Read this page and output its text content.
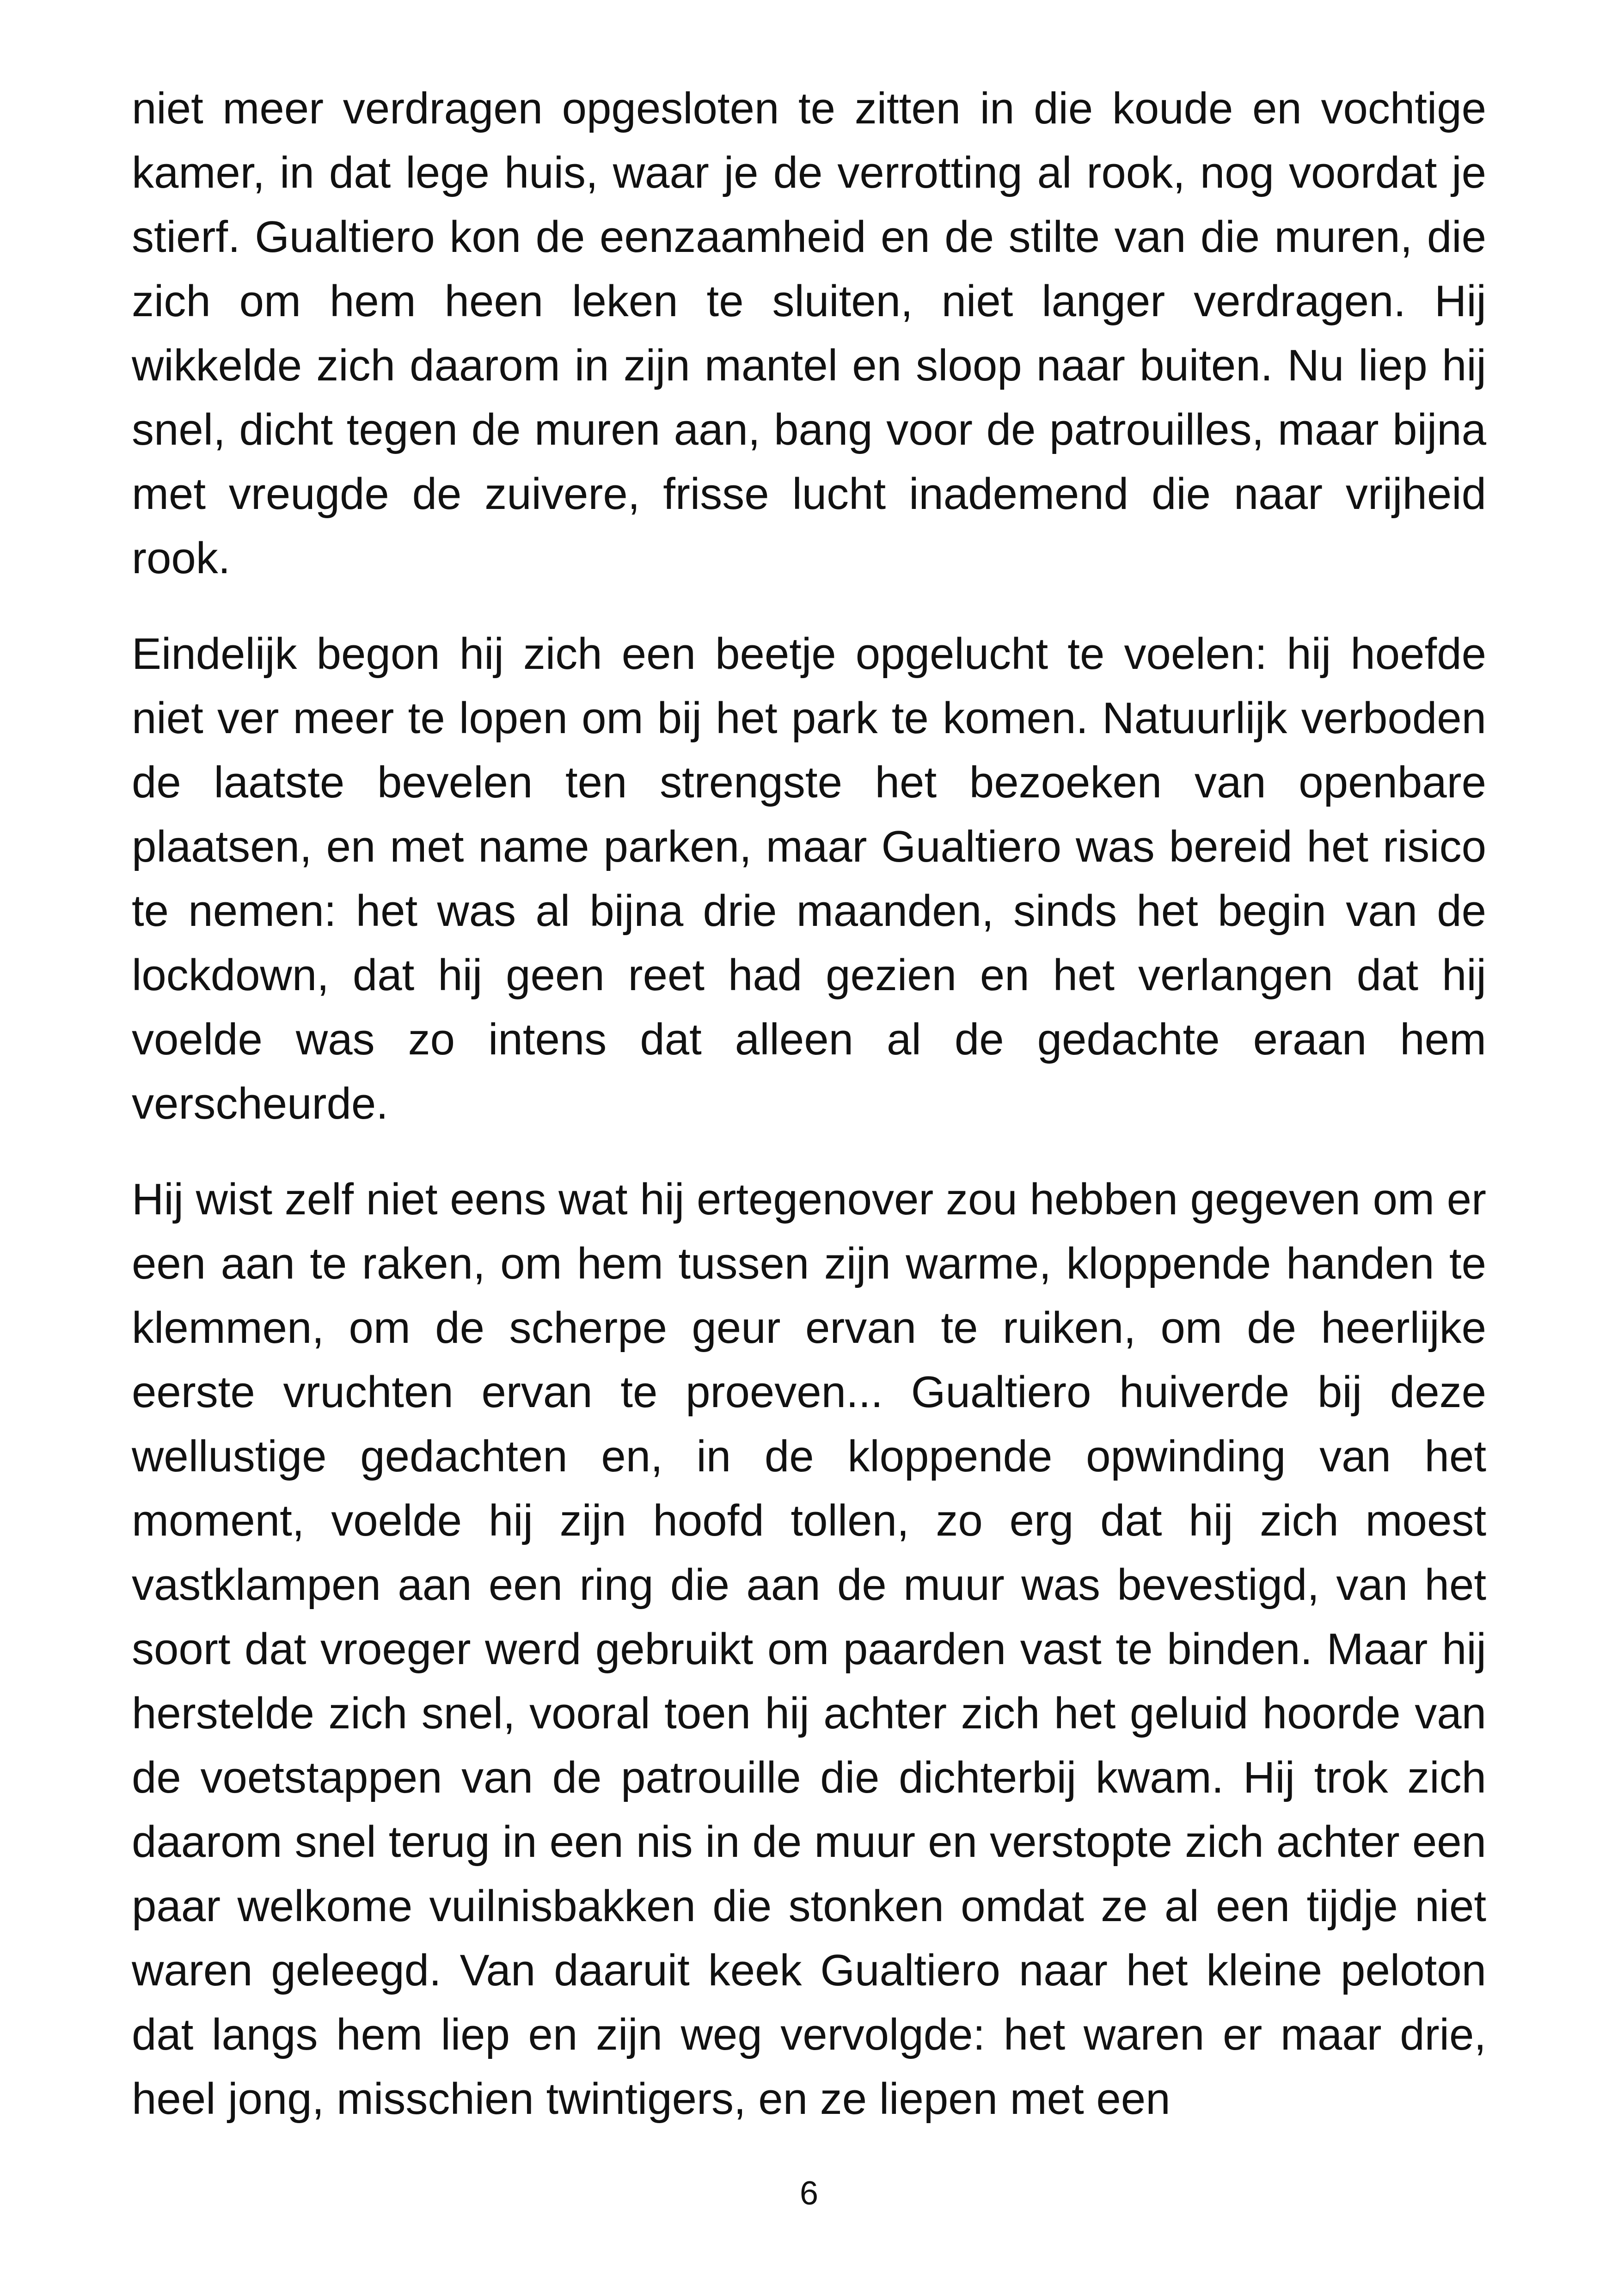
niet meer verdragen opgesloten te zitten in die koude en vochtige kamer, in dat lege huis, waar je de verrotting al rook, nog voordat je stierf. Gualtiero kon de eenzaamheid en de stilte van die muren, die zich om hem heen leken te sluiten, niet langer verdragen. Hij wikkelde zich daarom in zijn mantel en sloop naar buiten. Nu liep hij snel, dicht tegen de muren aan, bang voor de patrouilles, maar bijna met vreugde de zuivere, frisse lucht inademend die naar vrijheid rook.

Eindelijk begon hij zich een beetje opgelucht te voelen: hij hoefde niet ver meer te lopen om bij het park te komen. Natuurlijk verboden de laatste bevelen ten strengste het bezoeken van openbare plaatsen, en met name parken, maar Gualtiero was bereid het risico te nemen: het was al bijna drie maanden, sinds het begin van de lockdown, dat hij geen reet had gezien en het verlangen dat hij voelde was zo intens dat alleen al de gedachte eraan hem verscheurde.

Hij wist zelf niet eens wat hij ertegenover zou hebben gegeven om er een aan te raken, om hem tussen zijn warme, kloppende handen te klemmen, om de scherpe geur ervan te ruiken, om de heerlijke eerste vruchten ervan te proeven... Gualtiero huiverde bij deze wellustige gedachten en, in de kloppende opwinding van het moment, voelde hij zijn hoofd tollen, zo erg dat hij zich moest vastklampen aan een ring die aan de muur was bevestigd, van het soort dat vroeger werd gebruikt om paarden vast te binden. Maar hij herstelde zich snel, vooral toen hij achter zich het geluid hoorde van de voetstappen van de patrouille die dichterbij kwam. Hij trok zich daarom snel terug in een nis in de muur en verstopte zich achter een paar welkome vuilnisbakken die stonken omdat ze al een tijdje niet waren geleegd. Van daaruit keek Gualtiero naar het kleine peloton dat langs hem liep en zijn weg vervolgde: het waren er maar drie, heel jong, misschien twintigers, en ze liepen met een

6
